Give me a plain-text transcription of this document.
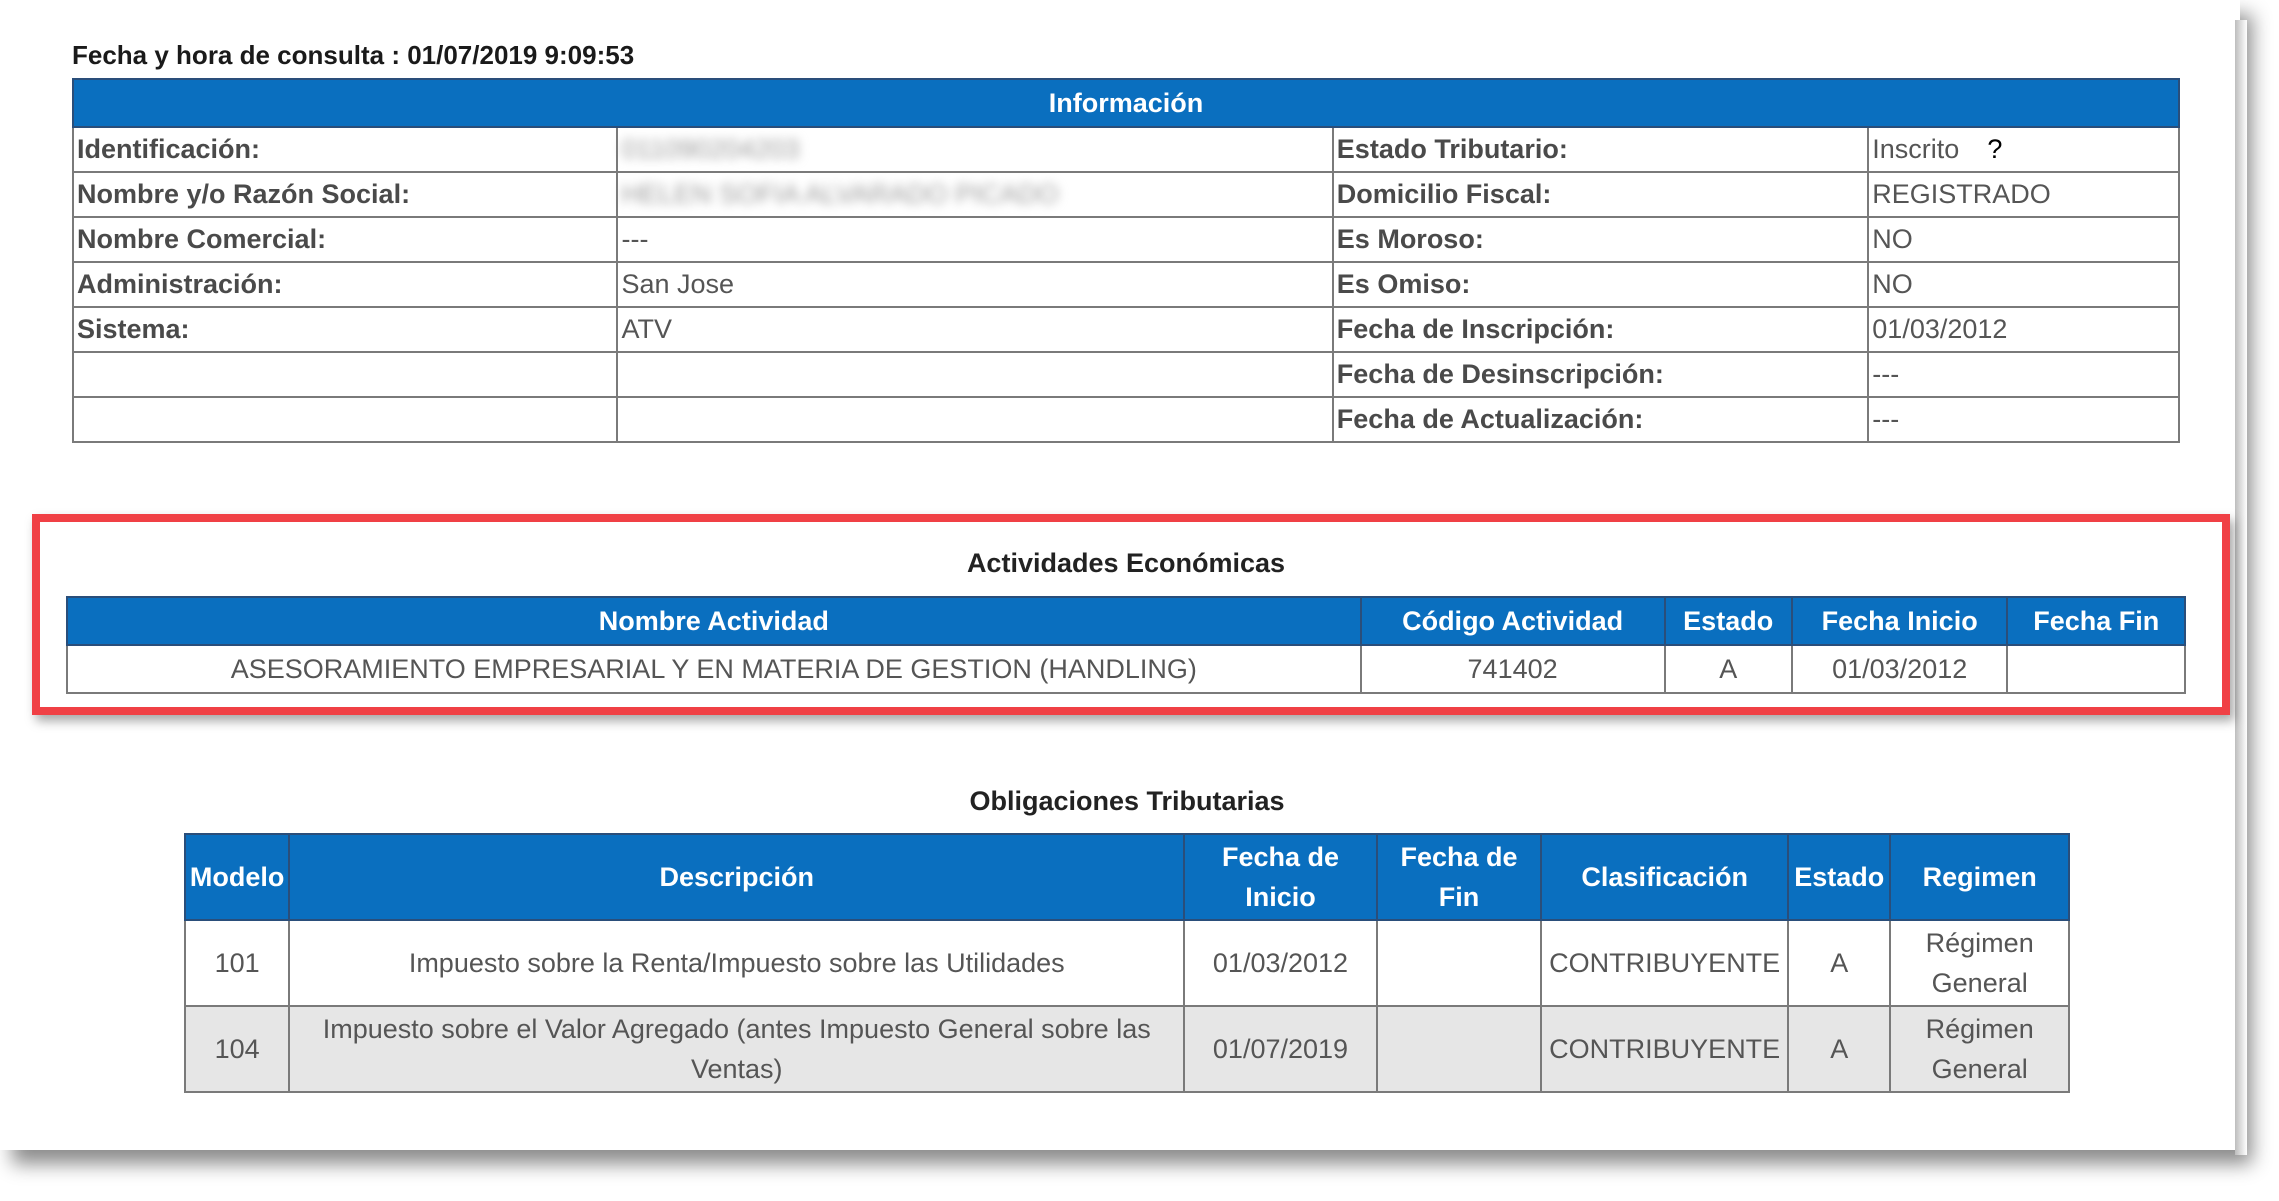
Fecha y hora de consulta : 01/07/2019 9:09:53
Información			
Identificación:	011090204203	Estado Tributario:	Inscrito ?
Nombre y/o Razón Social:	HELEN SOFIA ALVARADO PICADO	Domicilio Fiscal:	REGISTRADO
Nombre Comercial:	---	Es Moroso:	NO
Administración:	San Jose	Es Omiso:	NO
Sistema:	ATV	Fecha de Inscripción:	01/03/2012
		Fecha de Desinscripción:	---
		Fecha de Actualización:	---
Actividades Económicas
Nombre Actividad	Código Actividad	Estado	Fecha Inicio	Fecha Fin
ASESORAMIENTO EMPRESARIAL Y EN MATERIA DE GESTION (HANDLING)	741402	A	01/03/2012	
Obligaciones Tributarias
Modelo	Descripción	Fecha de Inicio	Fecha de Fin	Clasificación	Estado	Regimen
101	Impuesto sobre la Renta/Impuesto sobre las Utilidades	01/03/2012		CONTRIBUYENTE	A	Régimen General
104	Impuesto sobre el Valor Agregado (antes Impuesto General sobre las Ventas)	01/07/2019		CONTRIBUYENTE	A	Régimen General
